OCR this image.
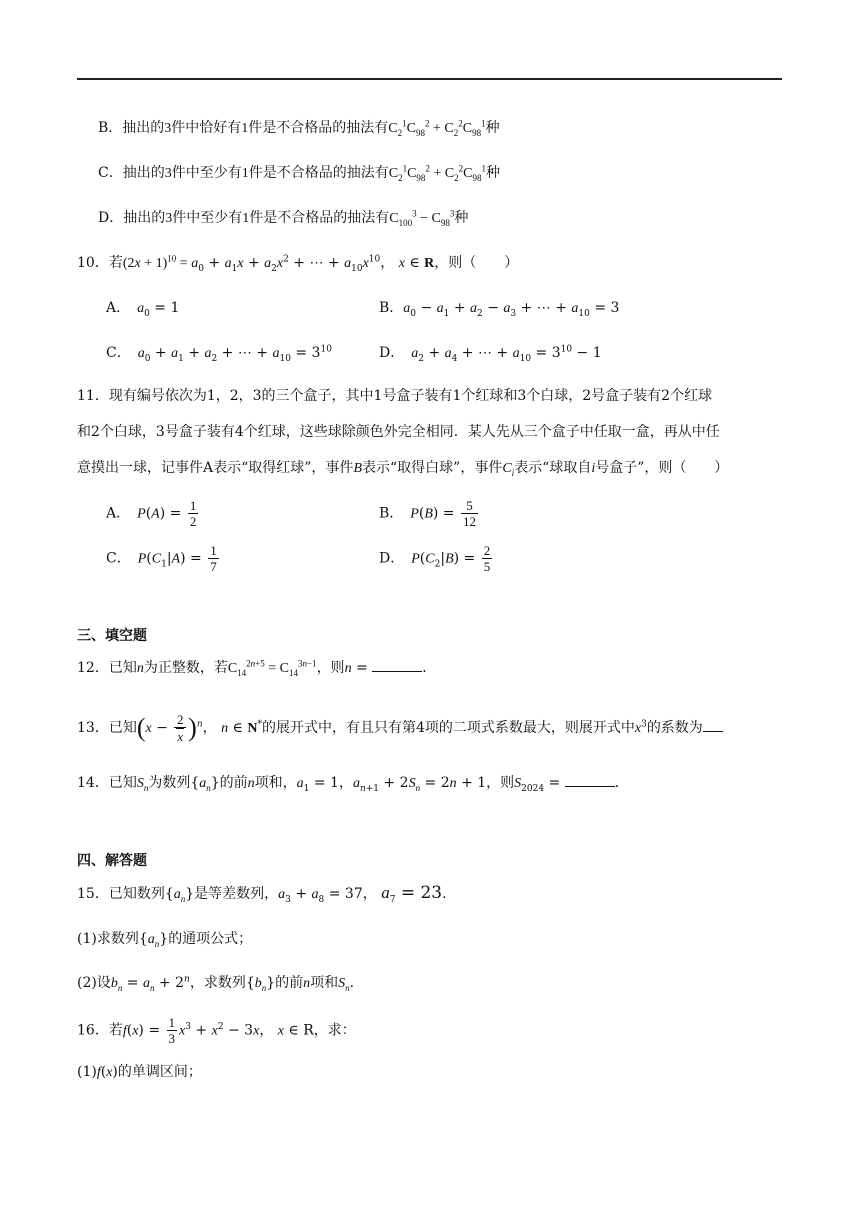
B．抽出的3件中恰好有1件是不合格品的抽法有$C_2^1C_{98}^2 + C_2^2C_{98}^1$种
C．抽出的3件中至少有1件是不合格品的抽法有$C_2^1C_{98}^2 + C_2^2C_{98}^1$种
D．抽出的3件中至少有1件是不合格品的抽法有$C_{100}^3 - C_{98}^3$种
10．若$(2x + 1)^{10} = a_0 + a_1x + a_2x^2$ + ⋯ + $a_{10}x^{10}$， x ∈ R，则（　　）
A．　 $a_0 = 1$	B．$a_0 - a_1 + a_2 - a_3$ + ⋯ + $a_{10} = 3$
C．　 $a_0 + a_1 + a_2$ + ⋯ + $a_{10} = 3^{10}$	D．　 $a_2 + a_4$ + ⋯ + $a_{10} = 3^{10} - 1$
11．现有编号依次为1，2，3的三个盒子，其中1号盒子装有1个红球和3个白球，2号盒子装有2个红球
和2个白球，3号盒子装有4个红球，这些球除颜色外完全相同．某人先从三个盒子中任取一盒，再从中任
意摸出一球，记事件A表示“取得红球”，事件B表示“取得白球”，事件$C_i$表示“球取自i号盒子”，则（　　）
A．　 $P(A) = \frac{1}{2}$	B．　 $P(B) = \frac{5}{12}$
C．　 $P(C_1|A) = \frac{1}{7}$	D．　 $P(C_2|B) = \frac{2}{5}$
三、填空题
12．已知n为正整数，若$C_{14}^{2n+5} = C_{14}^{3n-1}$，则n =	．
13．已知$(x - \frac{2}{x} )^n$， n ∈ N*的展开式中，有且只有第4项的二项式系数最大，则展开式中$x^3$的系数为
14．已知$S_n$为数列$\{a_n\}$的前n项和，$a_1 = 1$，$a_{n+1} + 2S_n = 2n + 1$，则$S_{2024}$ =	．
四、解答题
15．已知数列$\{a_n\}$是等差数列，$a_3 + a_8 = 37$， $a_7 = 23$.
(1)求数列$\{a_n\}$的通项公式；
(2)设$b_n = a_n + 2^n$，求数列$\{b_n\}$的前n项和$S_n$．
16．若$f(x) = \frac{1}{3} x^3 + x^2 - 3x$， x ∈ R，求：
(1)f(x)的单调区间；
